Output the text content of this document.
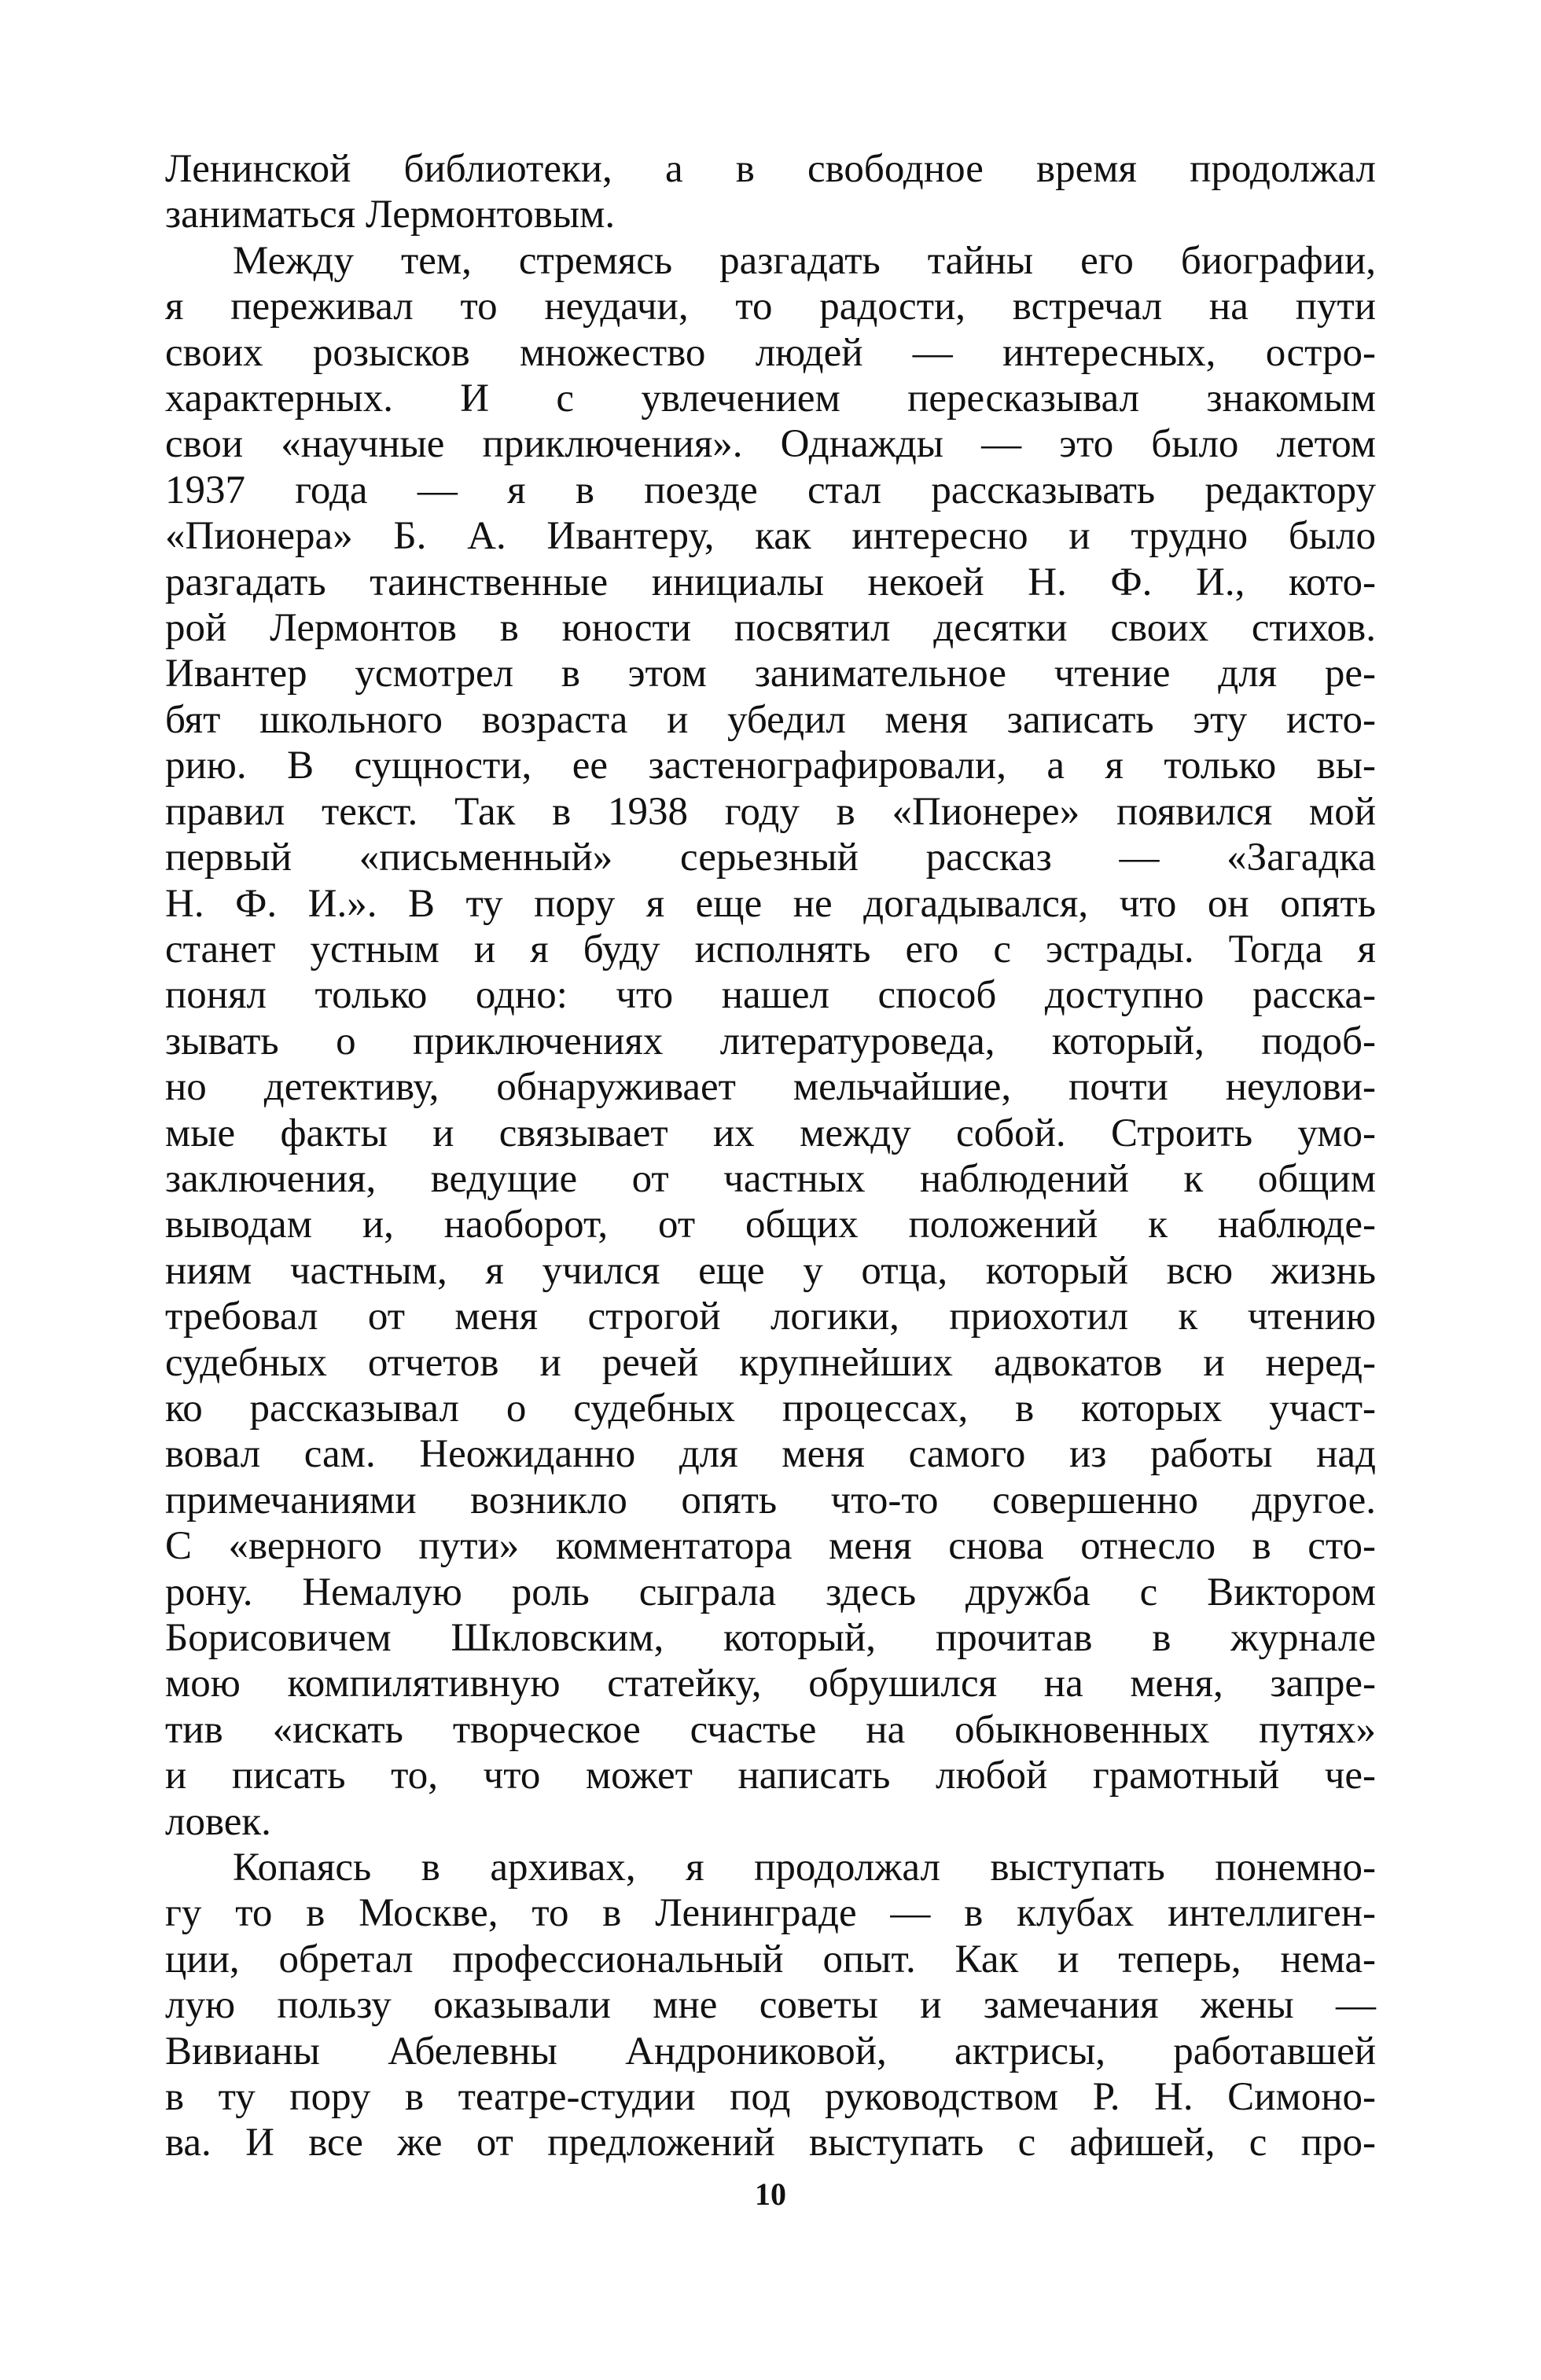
Ленинской библиотеки, а в свободное время продолжал
заниматься Лермонтовым.
Между тем, стремясь разгадать тайны его биографии,
я переживал то неудачи, то радости, встречал на пути
своих розысков множество людей — интересных, остро-
характерных. И с увлечением пересказывал знакомым
свои «научные приключения». Однажды — это было летом
1937 года — я в поезде стал рассказывать редактору
«Пионера» Б. А. Ивантеру, как интересно и трудно было
разгадать таинственные инициалы некоей Н. Ф. И., кото-
рой Лермонтов в юности посвятил десятки своих стихов.
Ивантер усмотрел в этом занимательное чтение для ре-
бят школьного возраста и убедил меня записать эту исто-
рию. В сущности, ее застенографировали, а я только вы-
правил текст. Так в 1938 году в «Пионере» появился мой
первый «письменный» серьезный рассказ — «Загадка
Н. Ф. И.». В ту пору я еще не догадывался, что он опять
станет устным и я буду исполнять его с эстрады. Тогда я
понял только одно: что нашел способ доступно расска-
зывать о приключениях литературоведа, который, подоб-
но детективу, обнаруживает мельчайшие, почти неулови-
мые факты и связывает их между собой. Строить умо-
заключения, ведущие от частных наблюдений к общим
выводам и, наоборот, от общих положений к наблюде-
ниям частным, я учился еще у отца, который всю жизнь
требовал от меня строгой логики, приохотил к чтению
судебных отчетов и речей крупнейших адвокатов и неред-
ко рассказывал о судебных процессах, в которых участ-
вовал сам. Неожиданно для меня самого из работы над
примечаниями возникло опять что-то совершенно другое.
С «верного пути» комментатора меня снова отнесло в сто-
рону. Немалую роль сыграла здесь дружба с Виктором
Борисовичем Шкловским, который, прочитав в журнале
мою компилятивную статейку, обрушился на меня, запре-
тив «искать творческое счастье на обыкновенных путях»
и писать то, что может написать любой грамотный че-
ловек.
Копаясь в архивах, я продолжал выступать понемно-
гу то в Москве, то в Ленинграде — в клубах интеллиген-
ции, обретал профессиональный опыт. Как и теперь, нема-
лую пользу оказывали мне советы и замечания жены —
Вивианы Абелевны Андрониковой, актрисы, работавшей
в ту пору в театре-студии под руководством Р. Н. Симоно-
ва. И все же от предложений выступать с афишей, с про-
10
